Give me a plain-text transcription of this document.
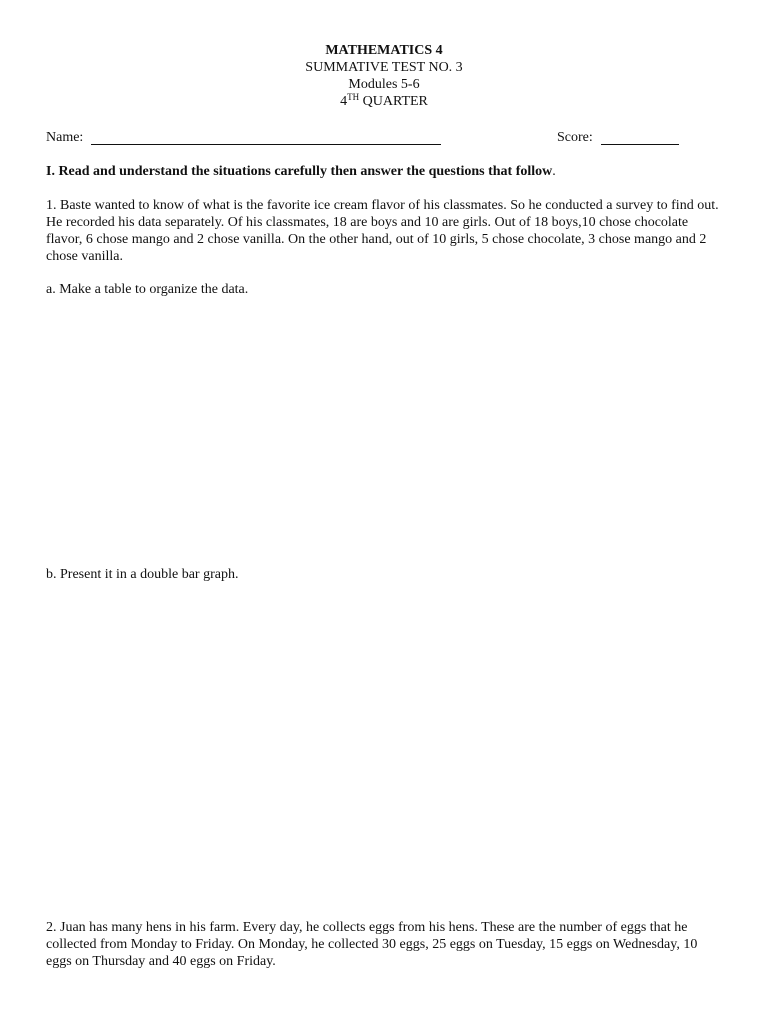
MATHEMATICS 4
SUMMATIVE TEST NO. 3
Modules 5-6
4TH QUARTER
Name:	Score:
I. Read and understand the situations carefully then answer the questions that follow.
1. Baste wanted to know of what is the favorite ice cream flavor of his classmates. So he conducted a survey to find out. He recorded his data separately. Of his classmates, 18 are boys and 10 are girls. Out of 18 boys,10 chose chocolate flavor, 6 chose mango and 2 chose vanilla. On the other hand, out of 10 girls, 5 chose chocolate, 3 chose mango and 2 chose vanilla.
a. Make a table to organize the data.
b. Present it in a double bar graph.
2. Juan has many hens in his farm. Every day, he collects eggs from his hens. These are the number of eggs that he collected from Monday to Friday. On Monday, he collected 30 eggs, 25 eggs on Tuesday, 15 eggs on Wednesday, 10 eggs on Thursday and 40 eggs on Friday.
